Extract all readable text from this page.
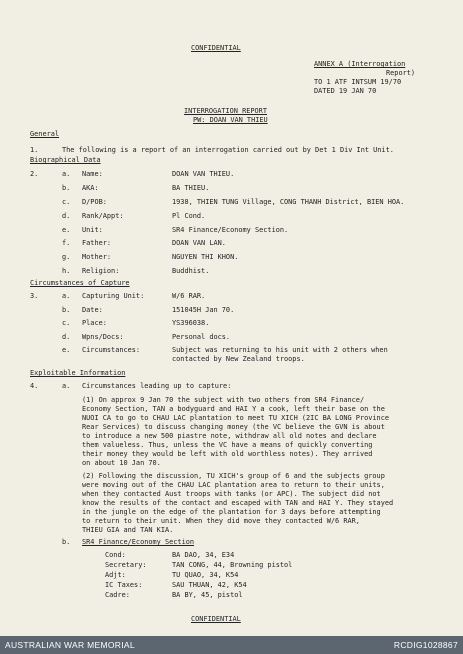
CONFIDENTIAL
ANNEX A (Interrogation
Report)
TO 1 ATF INTSUM 19/70
DATED 19 JAN 70
INTERROGATION REPORT
PW: DOAN VAN THIEU
General
1.	The following is a report of an interrogation carried out by Det 1 Div Int Unit.
Biographical Data
2.	a. Name:	DOAN VAN THIEU.
b. AKA:	BA THIEU.
c. D/POB:	1938, THIEN TUNG Village, CONG THANH District, BIEN HOA.
d. Rank/Appt:	Pl Cond.
e. Unit:	SR4 Finance/Economy Section.
f. Father:	DOAN VAN LAN.
g. Mother:	NGUYEN THI KHON.
h. Religion:	Buddhist.
Circumstances of Capture
3.	a. Capturing Unit:	W/6 RAR.
b. Date:	151045H Jan 70.
c. Place:	YS396038.
d. Wpns/Docs:	Personal docs.
e. Circumstances:	Subject was returning to his unit with 2 others when
contacted by New Zealand troops.
Exploitable Information
4.	a. Circumstances leading up to capture:
(1) On approx 9 Jan 70 the subject with two others from SR4 Finance/
Economy Section, TAN a bodyguard and HAI Y a cook, left their base on the
NUOI CA to go to CHAU LAC plantation to meet TU XICH (2IC BA LONG Province
Rear Services) to discuss changing money (the VC believe the GVN is about
to introduce a new 500 piastre note, withdraw all old notes and declare
them valueless. Thus, unless the VC have a means of quickly converting
their money they would be left with old worthless notes). They arrived
on about 10 Jan 70.
(2) Following the discussion, TU XICH's group of 6 and the subjects group
were moving out of the CHAU LAC plantation area to return to their units,
when they contacted Aust troops with tanks (or APC). The subject did not
know the results of the contact and escaped with TAN and HAI Y. They stayed
in the jungle on the edge of the plantation for 3 days before attempting
to return to their unit. When they did move they contacted W/6 RAR,
THIEU GIA and TAN KIA.
b. SR4 Finance/Economy Section
Cond:	BA DAO, 34, E34
Secretary:	TAN CONG, 44, Browning pistol
Adjt:	TU QUAO, 34, K54
IC Taxes:	SAU THUAN, 42, K54
Cadre:	BA BY, 45, pistol
CONFIDENTIAL
AUSTRALIAN WAR MEMORIAL	RCDIG1028867
